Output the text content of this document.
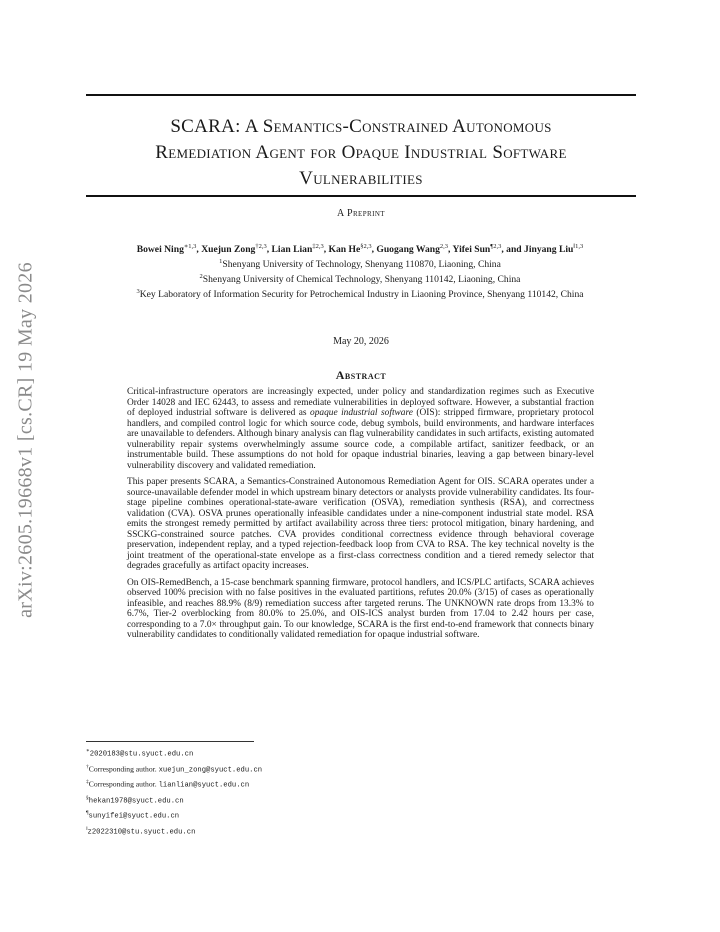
arXiv:2605.19668v1 [cs.CR] 19 May 2026
SCARA: A Semantics-Constrained Autonomous
Remediation Agent for Opaque Industrial Software
Vulnerabilities
A Preprint
Bowei Ning$^{∗1,3}$, Xuejun Zong$^{\dagger 2,3}$, Lian Lian$^{\ddagger 2,3}$, Kan He$^{\S 2,3}$, Guogang Wang$^{2,3}$, Yifei Sun$^{\P 2,3}$, and Jinyang Liu$^{‖1,3}$
$^1$Shenyang University of Technology, Shenyang 110870, Liaoning, China
$^2$Shenyang University of Chemical Technology, Shenyang 110142, Liaoning, China
$^3$Key Laboratory of Information Security for Petrochemical Industry in Liaoning Province, Shenyang 110142, China
May 20, 2026
Abstract

Critical-infrastructure operators are increasingly expected, under policy and standardization regimes such as Executive Order 14028 and IEC 62443, to assess and remediate vulnerabilities in deployed software. However, a substantial fraction of deployed industrial software is delivered as opaque industrial software (OIS): stripped firmware, proprietary protocol handlers, and compiled control logic for which source code, debug symbols, build environments, and hardware interfaces are unavailable to defenders. Although binary analysis can flag vulnerability candidates in such artifacts, existing automated vulnerability repair systems overwhelmingly assume source code, a compilable artifact, sanitizer feedback, or an instrumentable build. These assumptions do not hold for opaque industrial binaries, leaving a gap between binary-level vulnerability discovery and validated remediation.

This paper presents SCARA, a Semantics-Constrained Autonomous Remediation Agent for OIS. SCARA operates under a source-unavailable defender model in which upstream binary detectors or analysts provide vulnerability candidates. Its four-stage pipeline combines operational-state-aware verification (OSVA), remediation synthesis (RSA), and correctness validation (CVA). OSVA prunes operationally infeasible candidates under a nine-component industrial state model. RSA emits the strongest remedy permitted by artifact availability across three tiers: protocol mitigation, binary hardening, and SSCKG-constrained source patches. CVA provides conditional correctness evidence through behavioral coverage preservation, independent replay, and a typed rejection-feedback loop from CVA to RSA. The key technical novelty is the joint treatment of the operational-state envelope as a first-class correctness condition and a tiered remedy selector that degrades gracefully as artifact opacity increases.

On OIS-RemedBench, a 15-case benchmark spanning firmware, protocol handlers, and ICS/PLC artifacts, SCARA achieves observed 100% precision with no false positives in the evaluated partitions, refutes 20.0% (3/15) of cases as operationally infeasible, and reaches 88.9% (8/9) remediation success after targeted reruns. The UNKNOWN rate drops from 13.3% to 6.7%, Tier-2 overblocking from 80.0% to 25.0%, and OIS-ICS analyst burden from 17.04 to 2.42 hours per case, corresponding to a 7.0× throughput gain. To our knowledge, SCARA is the first end-to-end framework that connects binary vulnerability candidates to conditionally validated remediation for opaque industrial software.

∗2020183@stu.syuct.edu.cn
†Corresponding author. xuejun_zong@syuct.edu.cn
‡Corresponding author. lianlian@syuct.edu.cn
§hekan1978@syuct.edu.cn
¶sunyifei@syuct.edu.cn
‖z2022310@stu.syuct.edu.cn
